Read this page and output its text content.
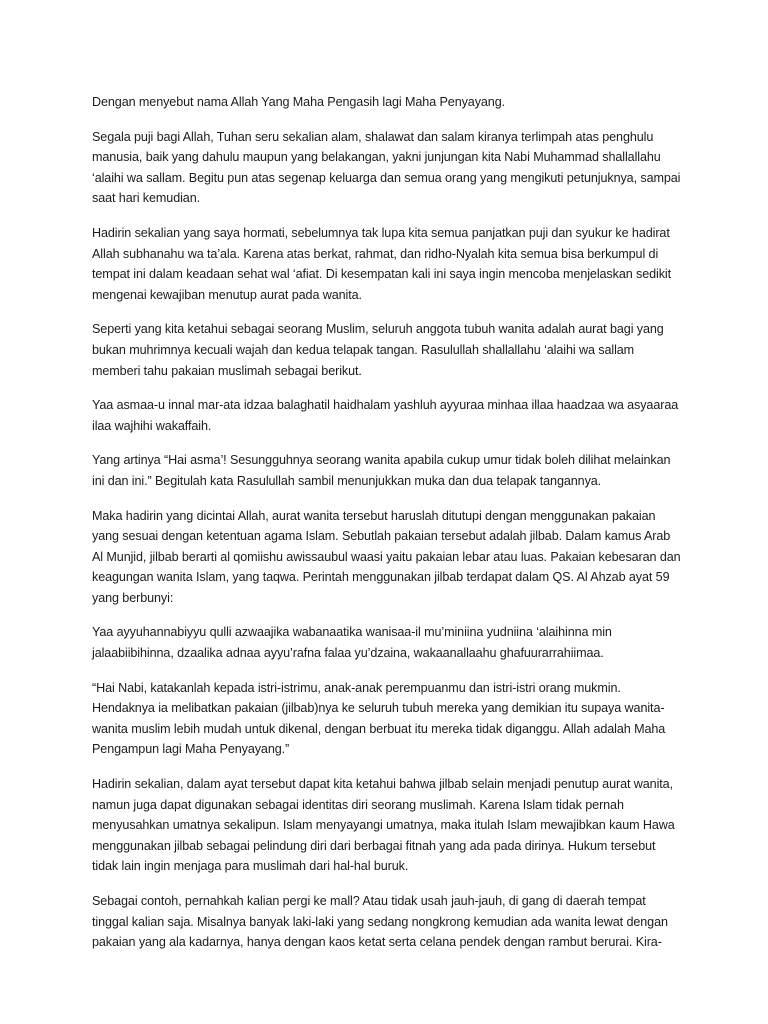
Dengan menyebut nama Allah Yang Maha Pengasih lagi Maha Penyayang.

Segala puji bagi Allah, Tuhan seru sekalian alam, shalawat dan salam kiranya terlimpah atas penghulu manusia, baik yang dahulu maupun yang belakangan, yakni junjungan kita Nabi Muhammad shallallahu ‘alaihi wa sallam. Begitu pun atas segenap keluarga dan semua orang yang mengikuti petunjuknya, sampai saat hari kemudian.

Hadirin sekalian yang saya hormati, sebelumnya tak lupa kita semua panjatkan puji dan syukur ke hadirat Allah subhanahu wa ta’ala. Karena atas berkat, rahmat, dan ridho-Nyalah kita semua bisa berkumpul di tempat ini dalam keadaan sehat wal ‘afiat. Di kesempatan kali ini saya ingin mencoba menjelaskan sedikit mengenai kewajiban menutup aurat pada wanita.

Seperti yang kita ketahui sebagai seorang Muslim, seluruh anggota tubuh wanita adalah aurat bagi yang bukan muhrimnya kecuali wajah dan kedua telapak tangan. Rasulullah shallallahu ‘alaihi wa sallam memberi tahu pakaian muslimah sebagai berikut.

Yaa asmaa-u innal mar-ata idzaa balaghatil haidhalam yashluh ayyuraa minhaa illaa haadzaa wa asyaaraa ilaa wajhihi wakaffaih.

Yang artinya “Hai asma’! Sesungguhnya seorang wanita apabila cukup umur tidak boleh dilihat melainkan ini dan ini.” Begitulah kata Rasulullah sambil menunjukkan muka dan dua telapak tangannya.

Maka hadirin yang dicintai Allah, aurat wanita tersebut haruslah ditutupi dengan menggunakan pakaian yang sesuai dengan ketentuan agama Islam. Sebutlah pakaian tersebut adalah jilbab. Dalam kamus Arab Al Munjid, jilbab berarti al qomiishu awissaubul waasi yaitu pakaian lebar atau luas. Pakaian kebesaran dan keagungan wanita Islam, yang taqwa. Perintah menggunakan jilbab terdapat dalam QS. Al Ahzab ayat 59 yang berbunyi:

Yaa ayyuhannabiyyu qulli azwaajika wabanaatika wanisaa-il mu’miniina yudniina ‘alaihinna min jalaabiibihinna, dzaalika adnaa ayyu’rafna falaa yu’dzaina, wakaanallaahu ghafuurarrahiimaa.

“Hai Nabi, katakanlah kepada istri-istrimu, anak-anak perempuanmu dan istri-istri orang mukmin. Hendaknya ia melibatkan pakaian (jilbab)nya ke seluruh tubuh mereka yang demikian itu supaya wanita-wanita muslim lebih mudah untuk dikenal, dengan berbuat itu mereka tidak diganggu. Allah adalah Maha Pengampun lagi Maha Penyayang.”

Hadirin sekalian, dalam ayat tersebut dapat kita ketahui bahwa jilbab selain menjadi penutup aurat wanita, namun juga dapat digunakan sebagai identitas diri seorang muslimah. Karena Islam tidak pernah menyusahkan umatnya sekalipun. Islam menyayangi umatnya, maka itulah Islam mewajibkan kaum Hawa menggunakan jilbab sebagai pelindung diri dari berbagai fitnah yang ada pada dirinya. Hukum tersebut tidak lain ingin menjaga para muslimah dari hal-hal buruk.

Sebagai contoh, pernahkah kalian pergi ke mall? Atau tidak usah jauh-jauh, di gang di daerah tempat tinggal kalian saja. Misalnya banyak laki-laki yang sedang nongkrong kemudian ada wanita lewat dengan pakaian yang ala kadarnya, hanya dengan kaos ketat serta celana pendek dengan rambut berurai. Kira-
